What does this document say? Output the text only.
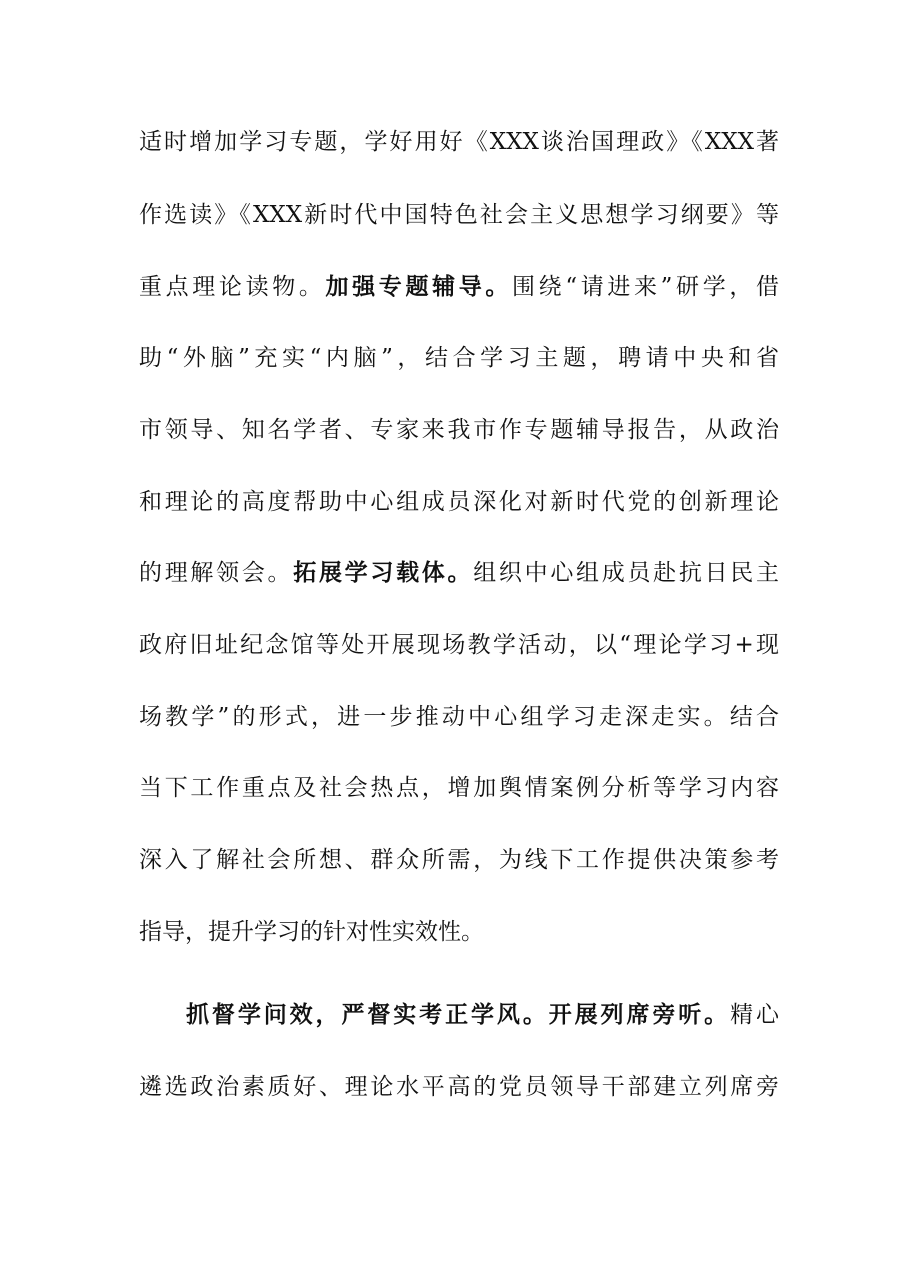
适时增加学习专题，学好用好《XXX谈治国理政》《XXX著
作选读》《XXX新时代中国特色社会主义思想学习纲要》等
重点理论读物。加强专题辅导。围绕“请进来”研学，借
助“外脑”充实“内脑”，结合学习主题，聘请中央和省
市领导、知名学者、专家来我市作专题辅导报告，从政治
和理论的高度帮助中心组成员深化对新时代党的创新理论
的理解领会。拓展学习载体。组织中心组成员赴抗日民主
政府旧址纪念馆等处开展现场教学活动，以“理论学习+现
场教学”的形式，进一步推动中心组学习走深走实。结合
当下工作重点及社会热点，增加舆情案例分析等学习内容
深入了解社会所想、群众所需，为线下工作提供决策参考
指导，提升学习的针对性实效性。
抓督学问效，严督实考正学风。开展列席旁听。精心
遴选政治素质好、理论水平高的党员领导干部建立列席旁
